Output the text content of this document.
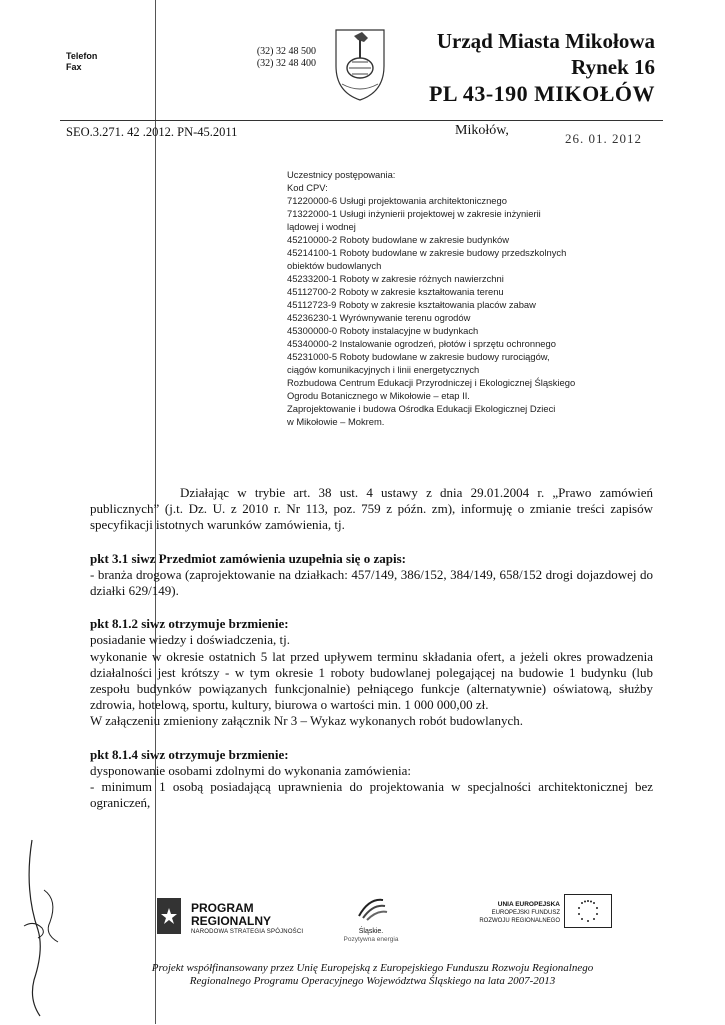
Telefon
Fax
(32) 32 48 500
(32) 32 48 400
Urząd Miasta Mikołowa
Rynek 16
PL 43-190 MIKOŁÓW
SEO.3.271. 42 .2012. PN-45.2011	Mikołów,
26. 01. 2012
Uczestnicy postępowania:
Kod CPV:
71220000-6 Usługi projektowania architektonicznego
71322000-1 Usługi inżynierii projektowej w zakresie inżynierii
lądowej i wodnej
45210000-2 Roboty budowlane w zakresie budynków
45214100-1 Roboty budowlane w zakresie budowy przedszkolnych
obiektów budowlanych
45233200-1 Roboty w zakresie różnych nawierzchni
45112700-2 Roboty w zakresie kształtowania terenu
45112723-9 Roboty w zakresie kształtowania placów zabaw
45236230-1 Wyrównywanie terenu ogrodów
45300000-0 Roboty instalacyjne w budynkach
45340000-2 Instalowanie ogrodzeń, płotów i sprzętu ochronnego
45231000-5 Roboty budowlane w zakresie budowy rurociągów,
ciągów komunikacyjnych i linii energetycznych
Rozbudowa Centrum Edukacji Przyrodniczej i Ekologicznej Śląskiego
Ogrodu Botanicznego w Mikołowie – etap II.
Zaprojektowanie i budowa Ośrodka Edukacji Ekologicznej Dzieci
w Mikołowie – Mokrem.

Działając w trybie art. 38 ust. 4 ustawy z dnia 29.01.2004 r. „Prawo zamówień publicznych” (j.t. Dz. U. z 2010 r. Nr 113, poz. 759 z późn. zm), informuję o zmianie treści zapisów specyfikacji istotnych warunków zamówienia, tj.

pkt 3.1 siwz Przedmiot zamówienia uzupełnia się o zapis:

- branża drogowa (zaprojektowanie na działkach: 457/149, 386/152, 384/149, 658/152 drogi dojazdowej do działki 629/149).

pkt 8.1.2 siwz otrzymuje brzmienie:

posiadanie wiedzy i doświadczenia, tj.

wykonanie w okresie ostatnich 5 lat przed upływem terminu składania ofert, a jeżeli okres prowadzenia działalności jest krótszy - w tym okresie 1 roboty budowlanej polegającej na budowie 1 budynku (lub zespołu budynków powiązanych funkcjonalnie) pełniącego funkcje (alternatywnie) oświatową, służby zdrowia, hotelową, sportu, kultury, biurowa o wartości min. 1 000 000,00 zł.

W załączeniu zmieniony załącznik Nr 3 – Wykaz wykonanych robót budowlanych.

pkt 8.1.4 siwz otrzymuje brzmienie:

dysponowanie osobami zdolnymi do wykonania zamówienia:

- minimum 1 osobą posiadającą uprawnienia do projektowania w specjalności architektonicznej bez ograniczeń,

PROGRAM
REGIONALNY
NARODOWA STRATEGIA SPÓJNOŚCI	Śląskie.
Pozytywna energia
UNIA EUROPEJSKA
EUROPEJSKI FUNDUSZ
ROZWOJU REGIONALNEGO
Projekt współfinansowany przez Unię Europejską z Europejskiego Funduszu Rozwoju Regionalnego
Regionalnego Programu Operacyjnego Województwa Śląskiego na lata 2007-2013
